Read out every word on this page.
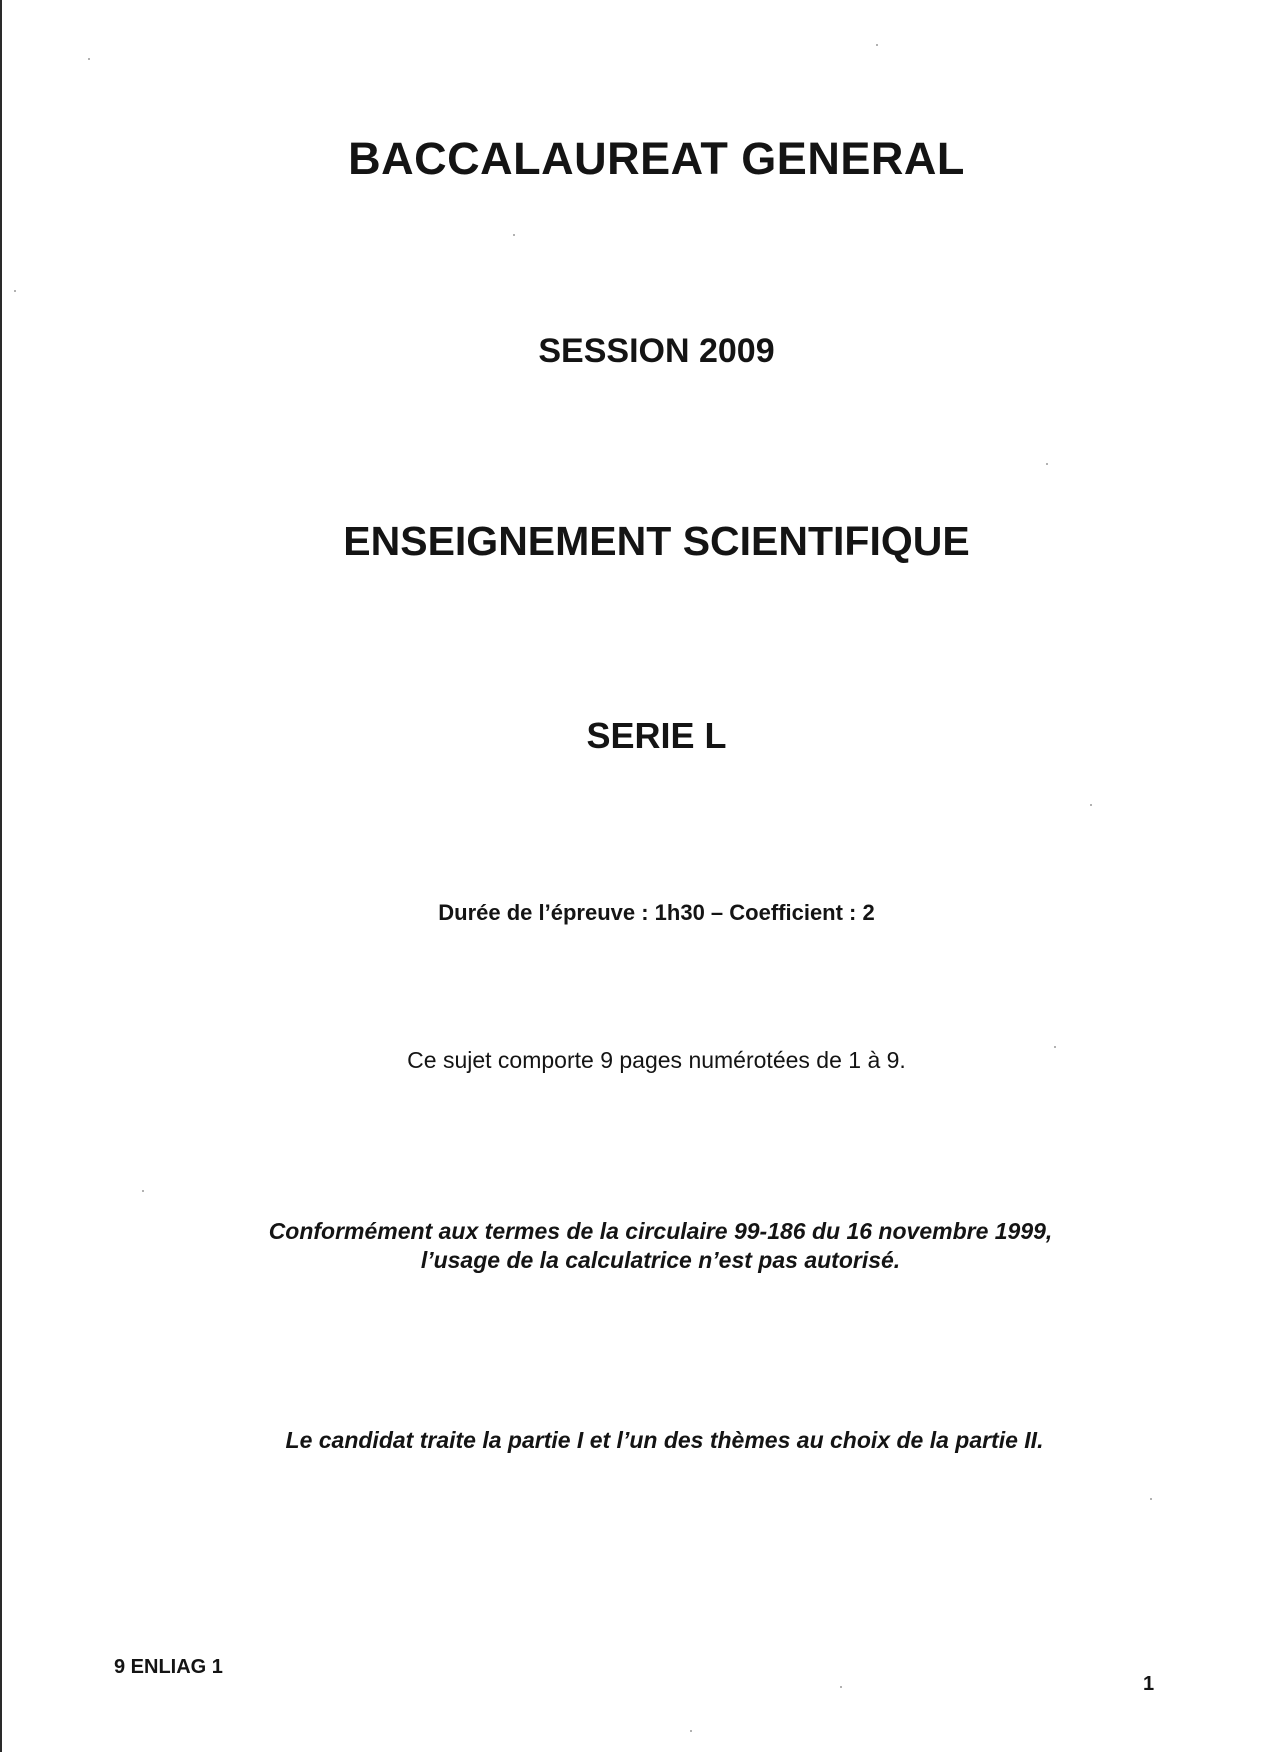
BACCALAUREAT GENERAL
SESSION 2009
ENSEIGNEMENT SCIENTIFIQUE
SERIE L
Durée de l’épreuve : 1h30 – Coefficient : 2
Ce sujet comporte 9 pages numérotées de 1 à 9.
Conformément aux termes de la circulaire 99-186 du 16 novembre 1999,
l’usage de la calculatrice n’est pas autorisé.
Le candidat traite la partie I et l’un des thèmes au choix de la partie II.
9 ENLIAG 1
1
